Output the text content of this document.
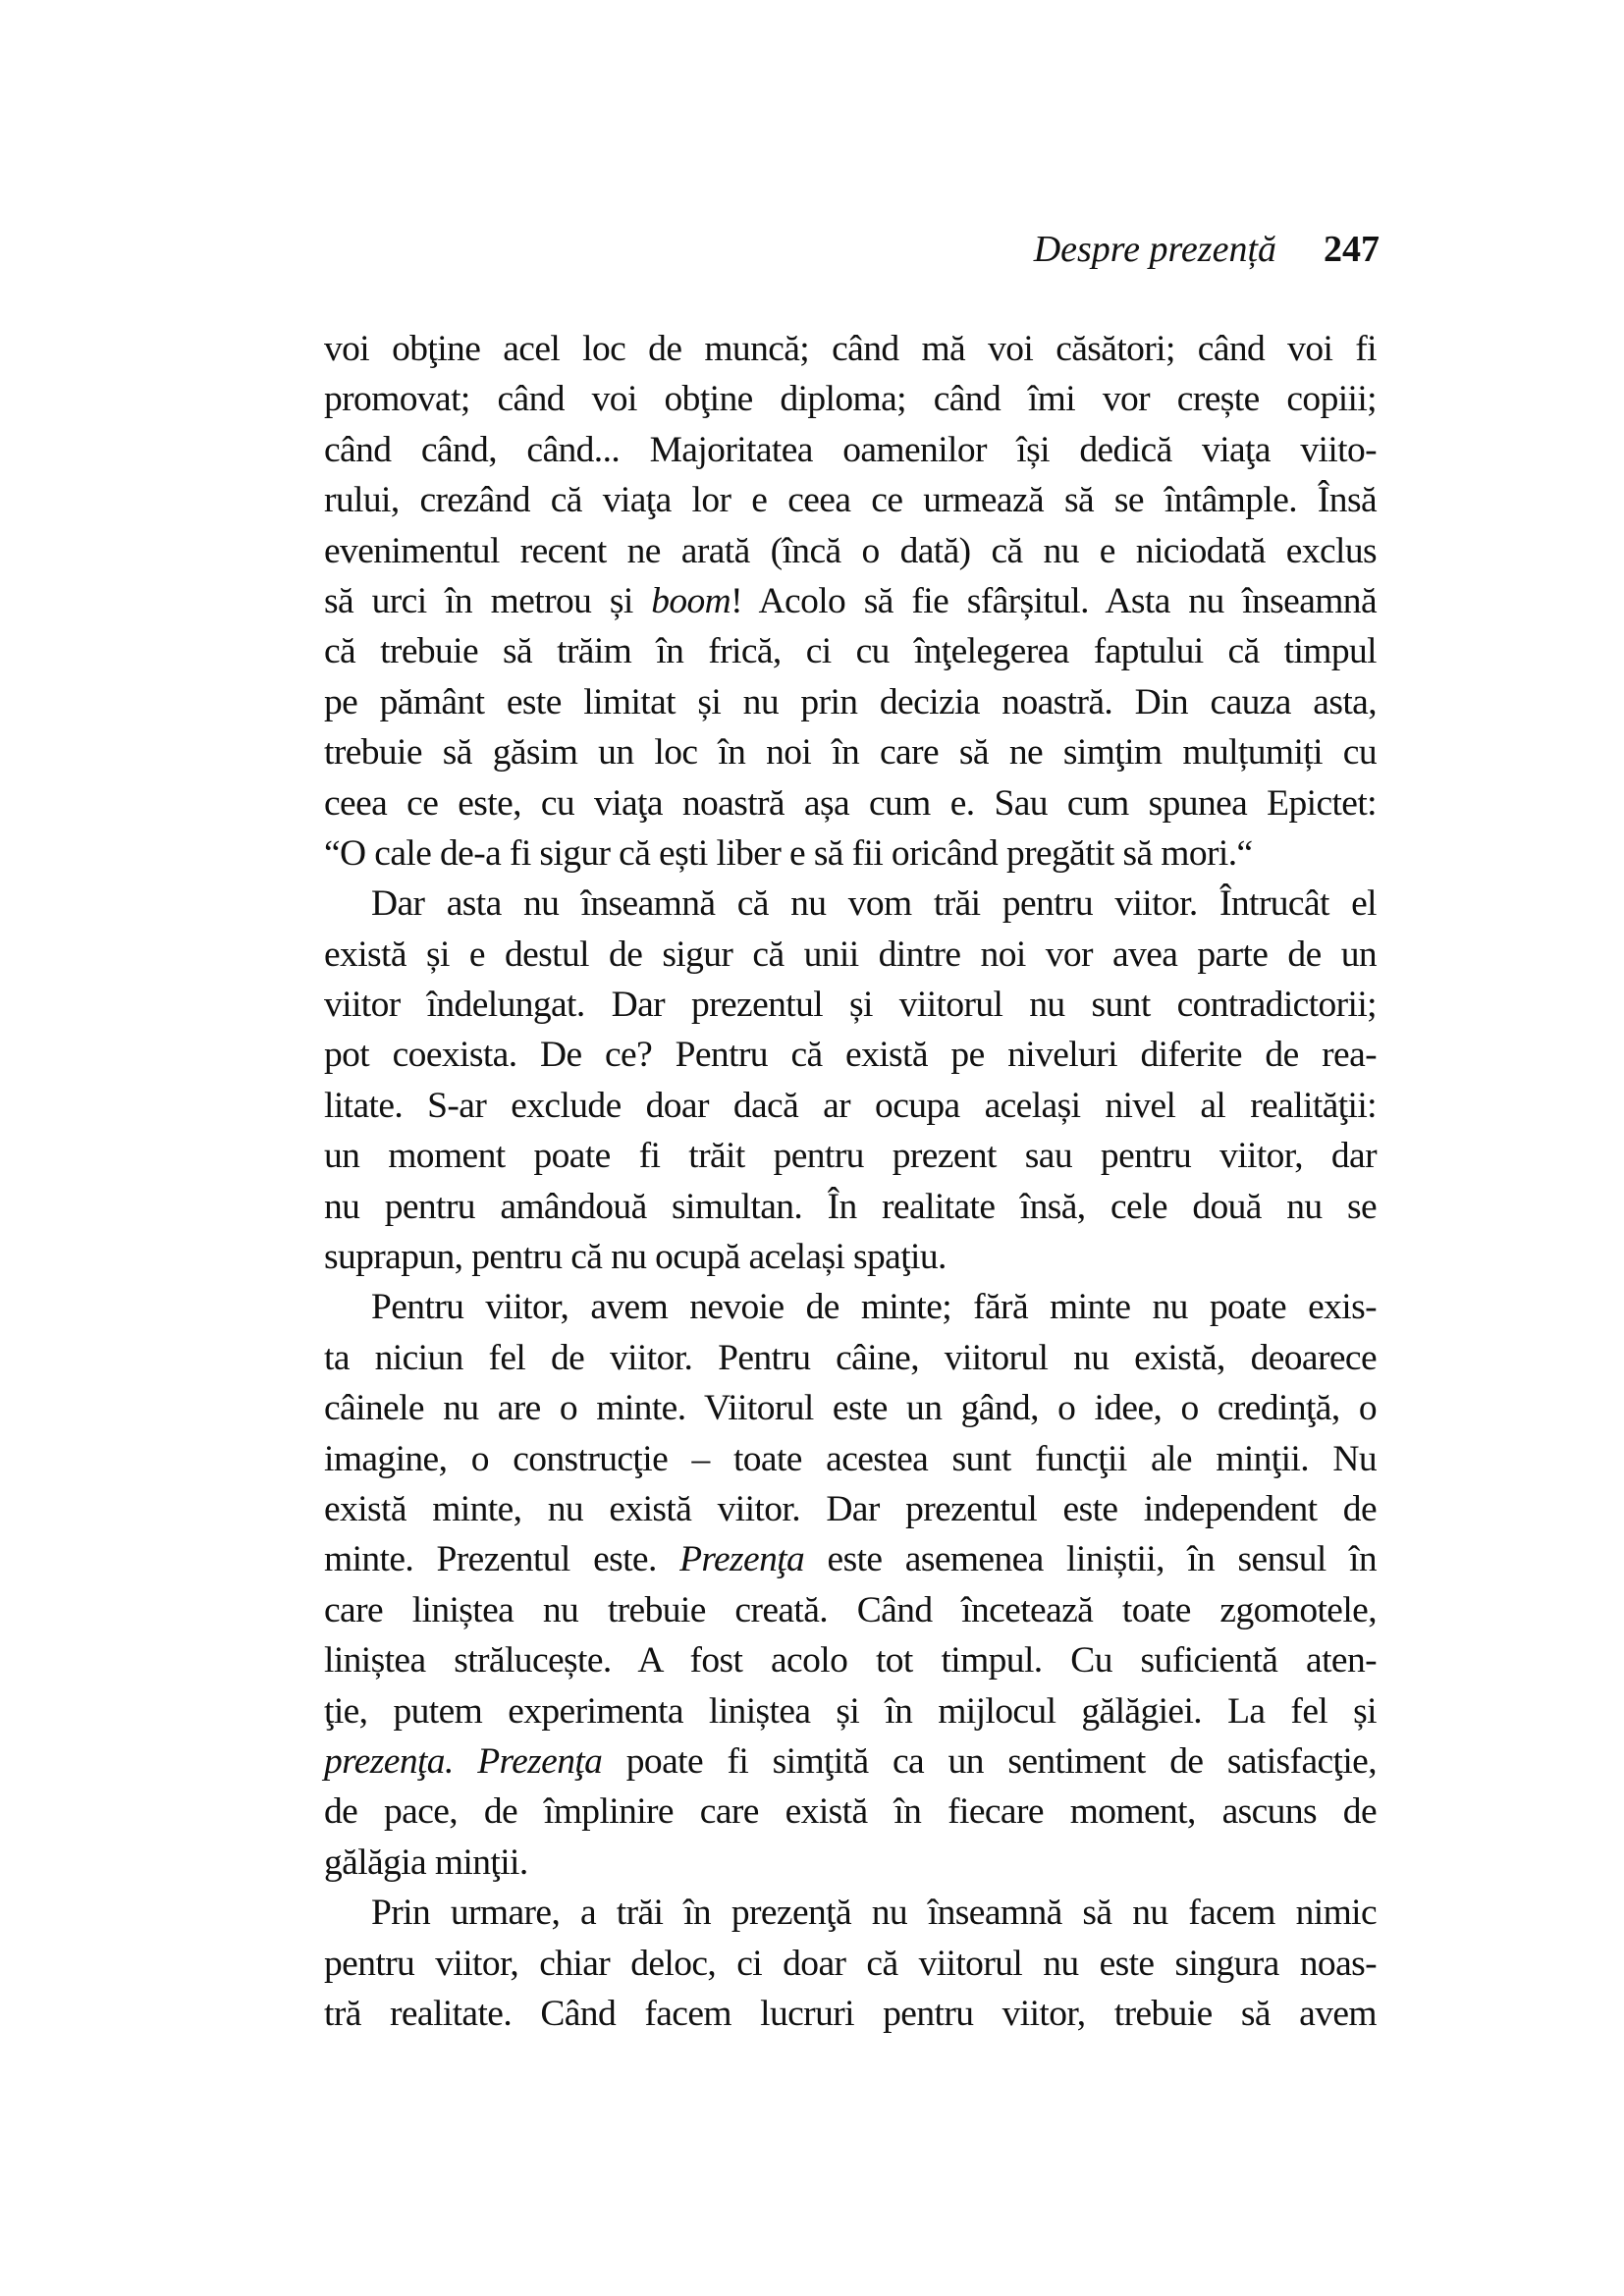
Despre prezență 247
voi obţine acel loc de muncă; când mă voi căsători; când voi fi
promovat; când voi obţine diploma; când îmi vor crește copiii;
când când, când... Majoritatea oamenilor își dedică viaţa viito-
rului, crezând că viaţa lor e ceea ce urmează să se întâmple. Însă
evenimentul recent ne arată (încă o dată) că nu e niciodată exclus
să urci în metrou și boom! Acolo să fie sfârșitul. Asta nu înseamnă
că trebuie să trăim în frică, ci cu înţelegerea faptului că timpul
pe pământ este limitat și nu prin decizia noastră. Din cauza asta,
trebuie să găsim un loc în noi în care să ne simţim mulțumiți cu
ceea ce este, cu viaţa noastră așa cum e. Sau cum spunea Epictet:
“O cale de-a fi sigur că ești liber e să fii oricând pregătit să mori.“
Dar asta nu înseamnă că nu vom trăi pentru viitor. Întrucât el
există și e destul de sigur că unii dintre noi vor avea parte de un
viitor îndelungat. Dar prezentul și viitorul nu sunt contradictorii;
pot coexista. De ce? Pentru că există pe niveluri diferite de rea-
litate. S-ar exclude doar dacă ar ocupa același nivel al realităţii:
un moment poate fi trăit pentru prezent sau pentru viitor, dar
nu pentru amândouă simultan. În realitate însă, cele două nu se
suprapun, pentru că nu ocupă același spaţiu.
Pentru viitor, avem nevoie de minte; fără minte nu poate exis-
ta niciun fel de viitor. Pentru câine, viitorul nu există, deoarece
câinele nu are o minte. Viitorul este un gând, o idee, o credinţă, o
imagine, o construcţie – toate acestea sunt funcţii ale minţii. Nu
există minte, nu există viitor. Dar prezentul este independent de
minte. Prezentul este. Prezenţa este asemenea liniștii, în sensul în
care liniștea nu trebuie creată. Când încetează toate zgomotele,
liniștea strălucește. A fost acolo tot timpul. Cu suficientă aten-
ţie, putem experimenta liniștea și în mijlocul gălăgiei. La fel și
prezenţa. Prezenţa poate fi simţită ca un sentiment de satisfacţie,
de pace, de împlinire care există în fiecare moment, ascuns de
gălăgia minţii.
Prin urmare, a trăi în prezenţă nu înseamnă să nu facem nimic
pentru viitor, chiar deloc, ci doar că viitorul nu este singura noas-
tră realitate. Când facem lucruri pentru viitor, trebuie să avem
